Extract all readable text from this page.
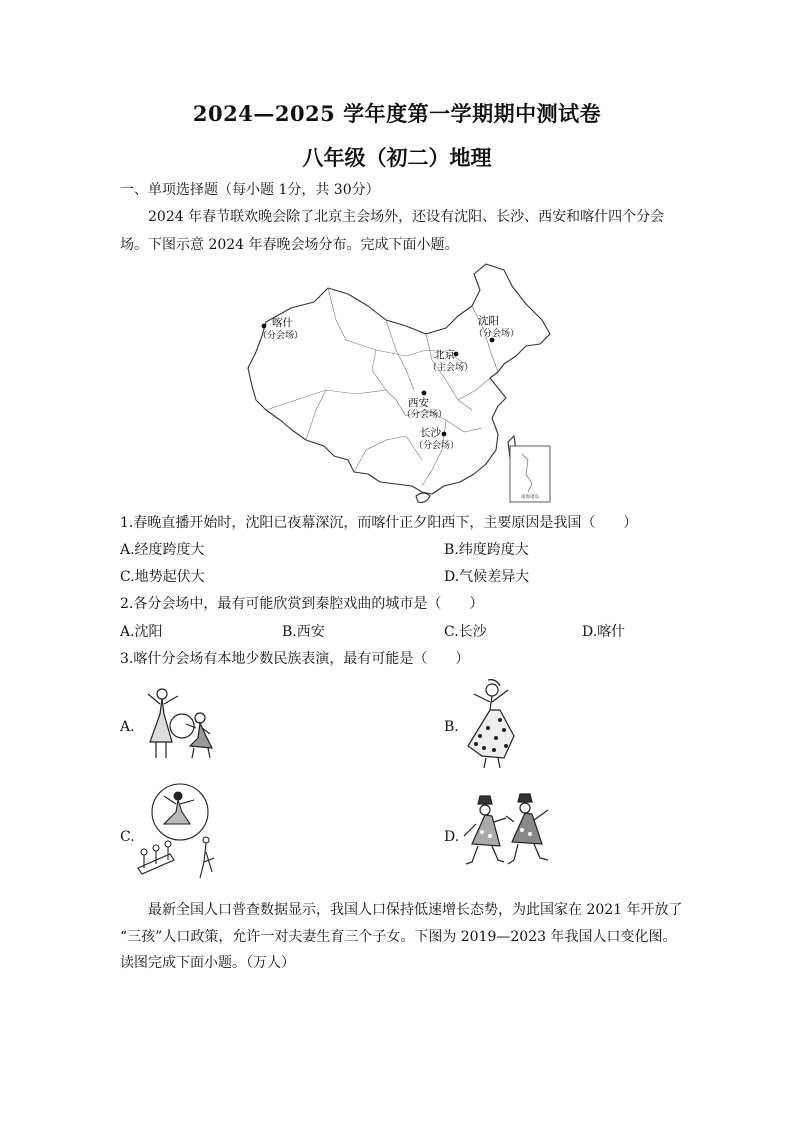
2024—2025 学年度第一学期期中测试卷
八年级（初二）地理
一、单项选择题（每小题 1分，共 30分）
2024 年春节联欢晚会除了北京主会场外，还设有沈阳、长沙、西安和喀什四个分会
场。下图示意 2024 年春晚会场分布。完成下面小题。
南海诸岛
喀什
（分会场）
沈阳
（分会场）
北京
（主会场）
西安
（分会场）
长沙
（分会场）
1.春晚直播开始时，沈阳已夜幕深沉，而喀什正夕阳西下，主要原因是我国（　　）
A.经度跨度大	B.纬度跨度大
C.地势起伏大	D.气候差异大
2.各分会场中，最有可能欣赏到秦腔戏曲的城市是（　　）
A.沈阳	B.西安	C.长沙	D.喀什
3.喀什分会场有本地少数民族表演，最有可能是（　　）
A.	B.
C.	D.
最新全国人口普查数据显示，我国人口保持低速增长态势，为此国家在 2021 年开放了
“三孩”人口政策，允许一对夫妻生育三个子女。下图为 2019—2023 年我国人口变化图。
读图完成下面小题。（万人）
